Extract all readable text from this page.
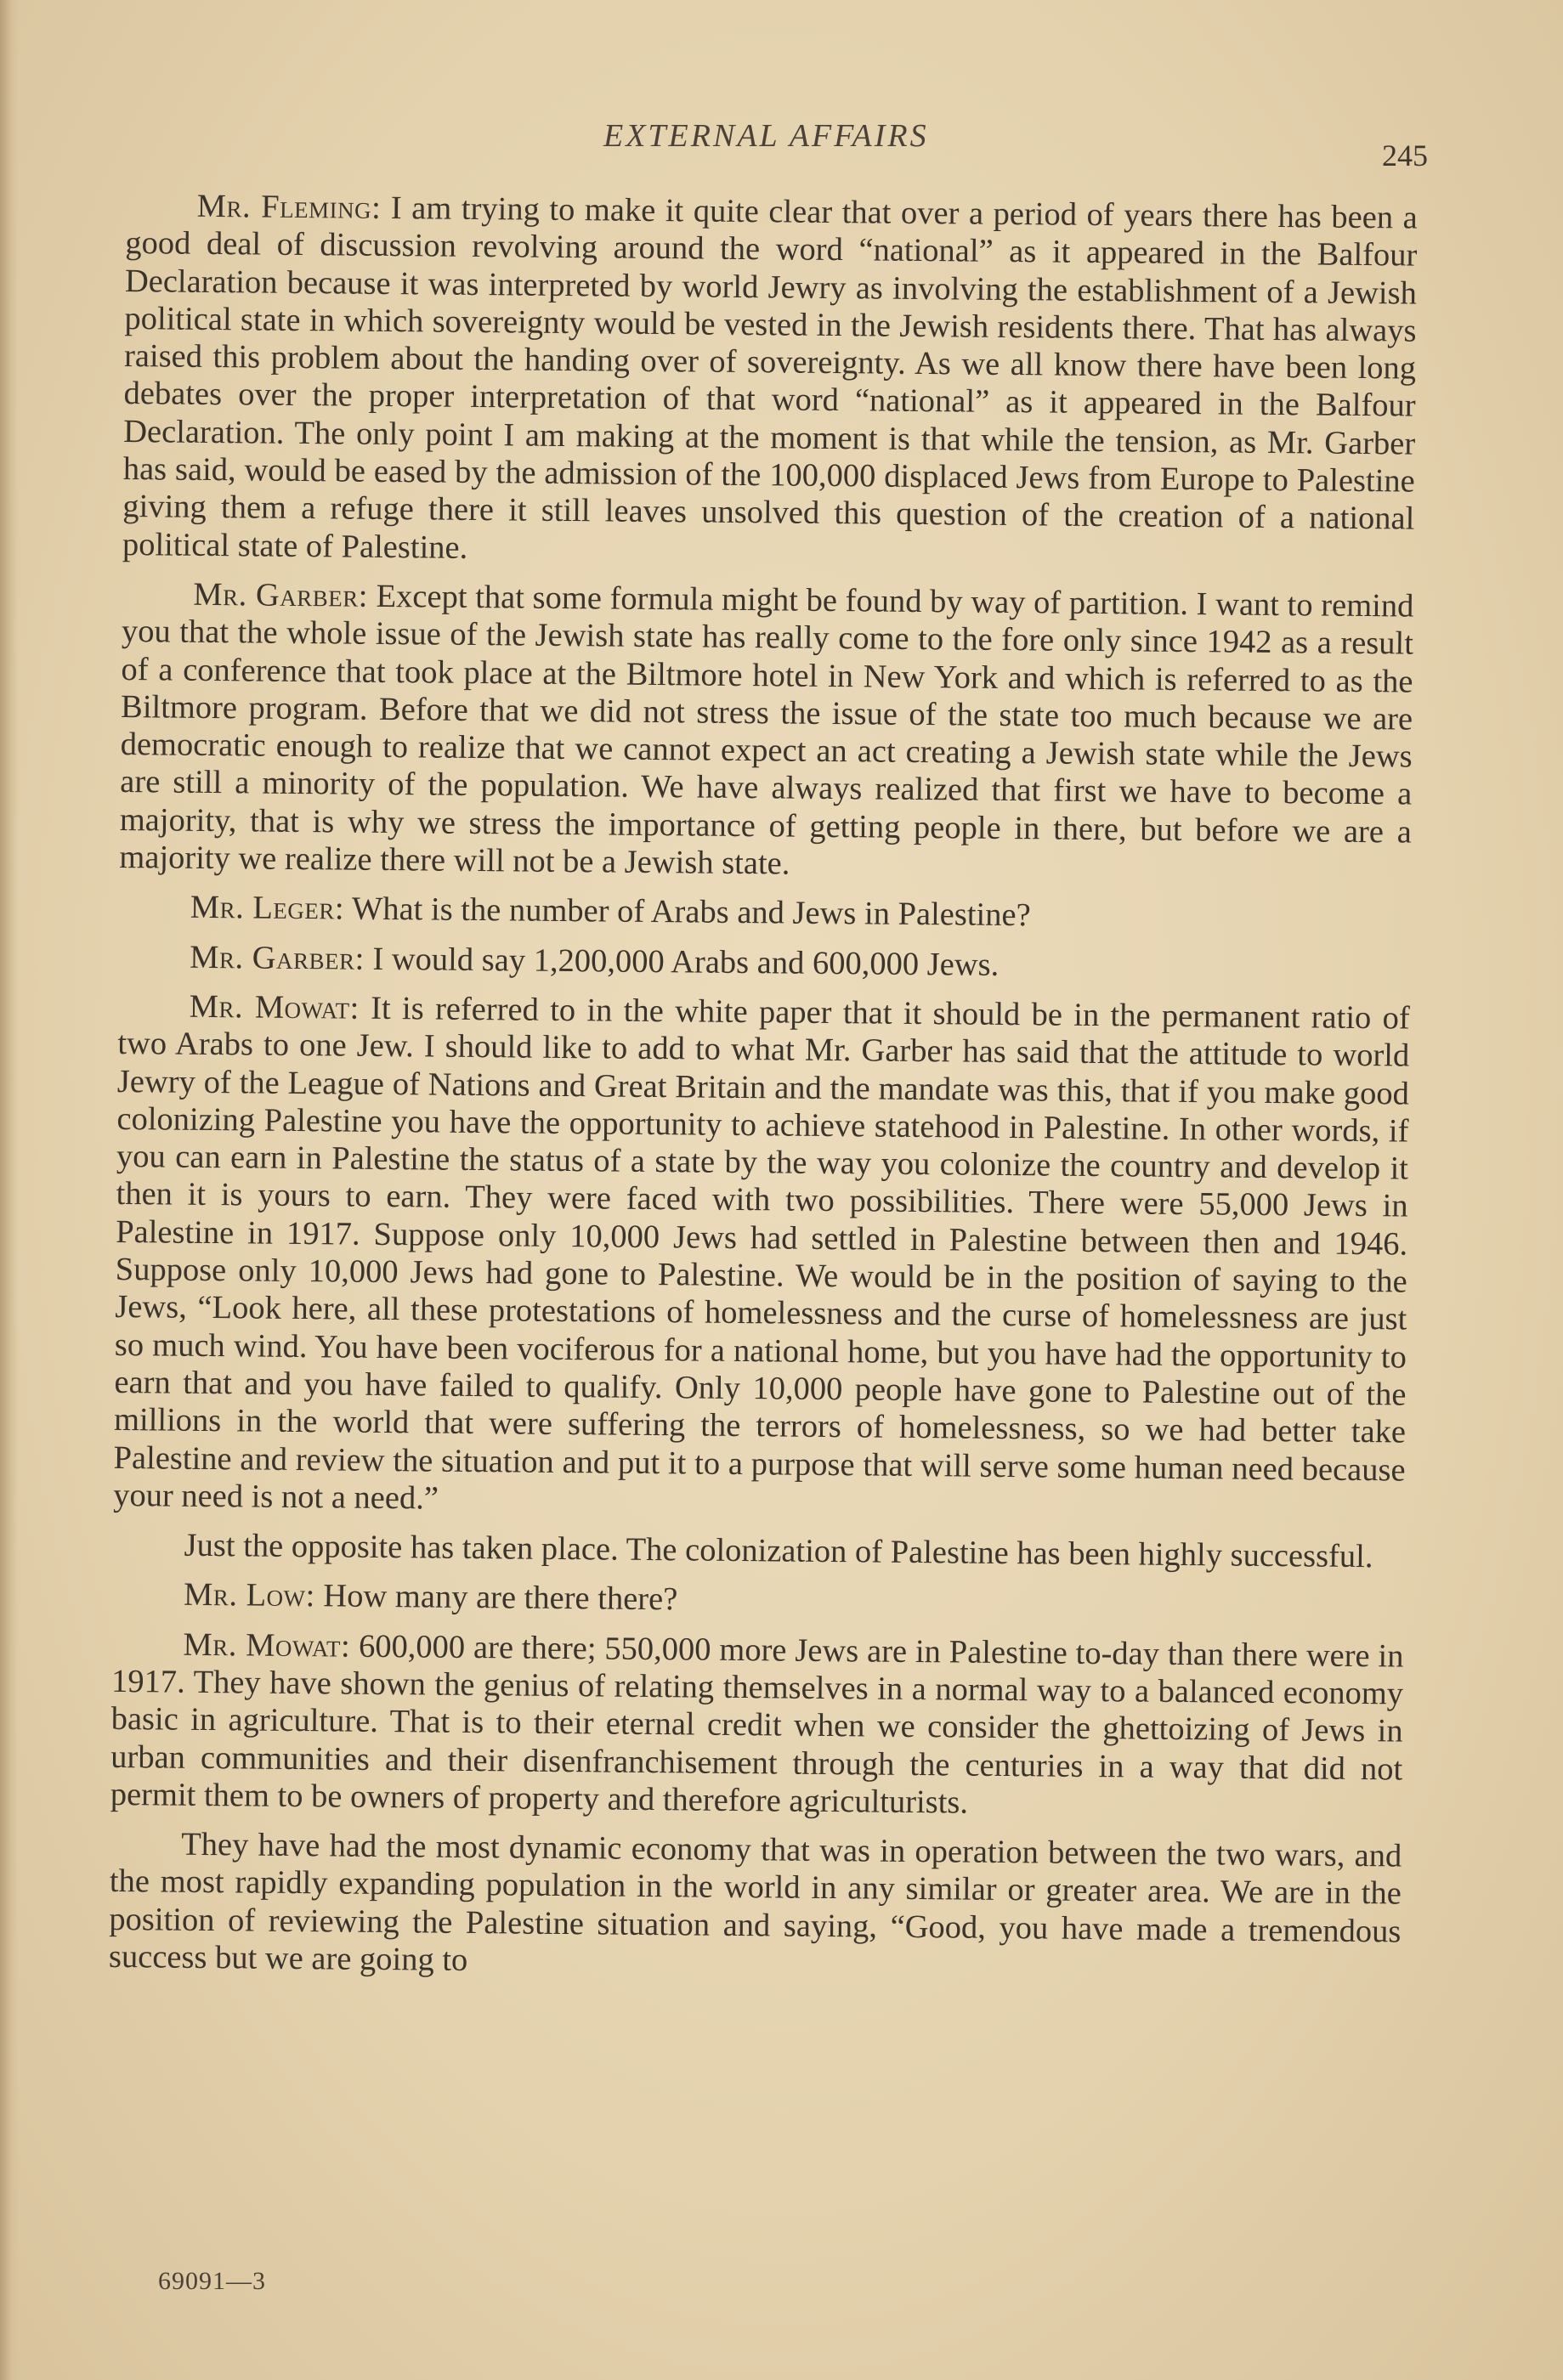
EXTERNAL AFFAIRS
245

Mr. Fleming: I am trying to make it quite clear that over a period of years there has been a good deal of discussion revolving around the word “national” as it appeared in the Balfour Declaration because it was interpreted by world Jewry as involving the establishment of a Jewish political state in which sovereignty would be vested in the Jewish residents there. That has always raised this problem about the handing over of sovereignty. As we all know there have been long debates over the proper interpretation of that word “national” as it appeared in the Balfour Declaration. The only point I am making at the moment is that while the tension, as Mr. Garber has said, would be eased by the admission of the 100,000 displaced Jews from Europe to Palestine giving them a refuge there it still leaves unsolved this question of the creation of a national political state of Palestine.

Mr. Garber: Except that some formula might be found by way of partition. I want to remind you that the whole issue of the Jewish state has really come to the fore only since 1942 as a result of a conference that took place at the Biltmore hotel in New York and which is referred to as the Biltmore program. Before that we did not stress the issue of the state too much because we are democratic enough to realize that we cannot expect an act creating a Jewish state while the Jews are still a minority of the population. We have always realized that first we have to become a majority, that is why we stress the importance of getting people in there, but before we are a majority we realize there will not be a Jewish state.

Mr. Leger: What is the number of Arabs and Jews in Palestine?

Mr. Garber: I would say 1,200,000 Arabs and 600,000 Jews.

Mr. Mowat: It is referred to in the white paper that it should be in the permanent ratio of two Arabs to one Jew. I should like to add to what Mr. Garber has said that the attitude to world Jewry of the League of Nations and Great Britain and the mandate was this, that if you make good colonizing Palestine you have the opportunity to achieve statehood in Palestine. In other words, if you can earn in Palestine the status of a state by the way you colonize the country and develop it then it is yours to earn. They were faced with two possibilities. There were 55,000 Jews in Palestine in 1917. Suppose only 10,000 Jews had settled in Palestine between then and 1946. Suppose only 10,000 Jews had gone to Palestine. We would be in the position of saying to the Jews, “Look here, all these protestations of homelessness and the curse of homelessness are just so much wind. You have been vociferous for a national home, but you have had the opportunity to earn that and you have failed to qualify. Only 10,000 people have gone to Palestine out of the millions in the world that were suffering the terrors of homelessness, so we had better take Palestine and review the situation and put it to a purpose that will serve some human need because your need is not a need.”

Just the opposite has taken place. The colonization of Palestine has been highly successful.

Mr. Low: How many are there there?

Mr. Mowat: 600,000 are there; 550,000 more Jews are in Palestine to-day than there were in 1917. They have shown the genius of relating themselves in a normal way to a balanced economy basic in agriculture. That is to their eternal credit when we consider the ghettoizing of Jews in urban communities and their disenfranchisement through the centuries in a way that did not permit them to be owners of property and therefore agriculturists.

They have had the most dynamic economy that was in operation between the two wars, and the most rapidly expanding population in the world in any similar or greater area. We are in the position of reviewing the Palestine situation and saying, “Good, you have made a tremendous success but we are going to

69091—3
